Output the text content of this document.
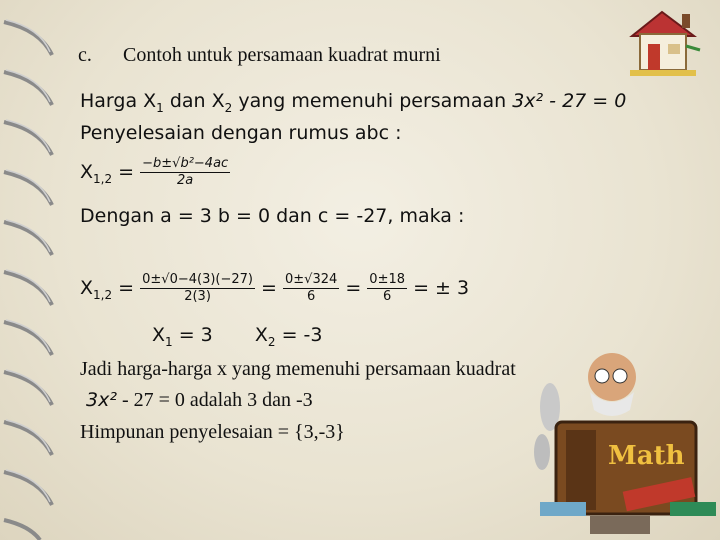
c. Contoh untuk persamaan kuadrat murni
Harga $X_1$ dan $X_2$ yang memenuhi persamaan 3x² - 27 = 0
Penyelesaian dengan rumus abc :
$X_{1,2} = \frac{\text{−b±√b²−4ac}}{2a}$
Dengan a = 3 b = 0 dan c = -27, maka :
$X_{1,2} = \frac{0\pm√0-4(3)(-27)}{2(3)} = \frac{0\pm√324}{6} = \frac{0\pm 18}{6}$ = ± 3
$X_1 = 3$ $X_2 = -3$
Jadi harga-harga x yang memenuhi persamaan kuadrat
3x² - 27 = 0 adalah 3 dan -3
Himpunan penyelesaian = {3,-3}
Math
